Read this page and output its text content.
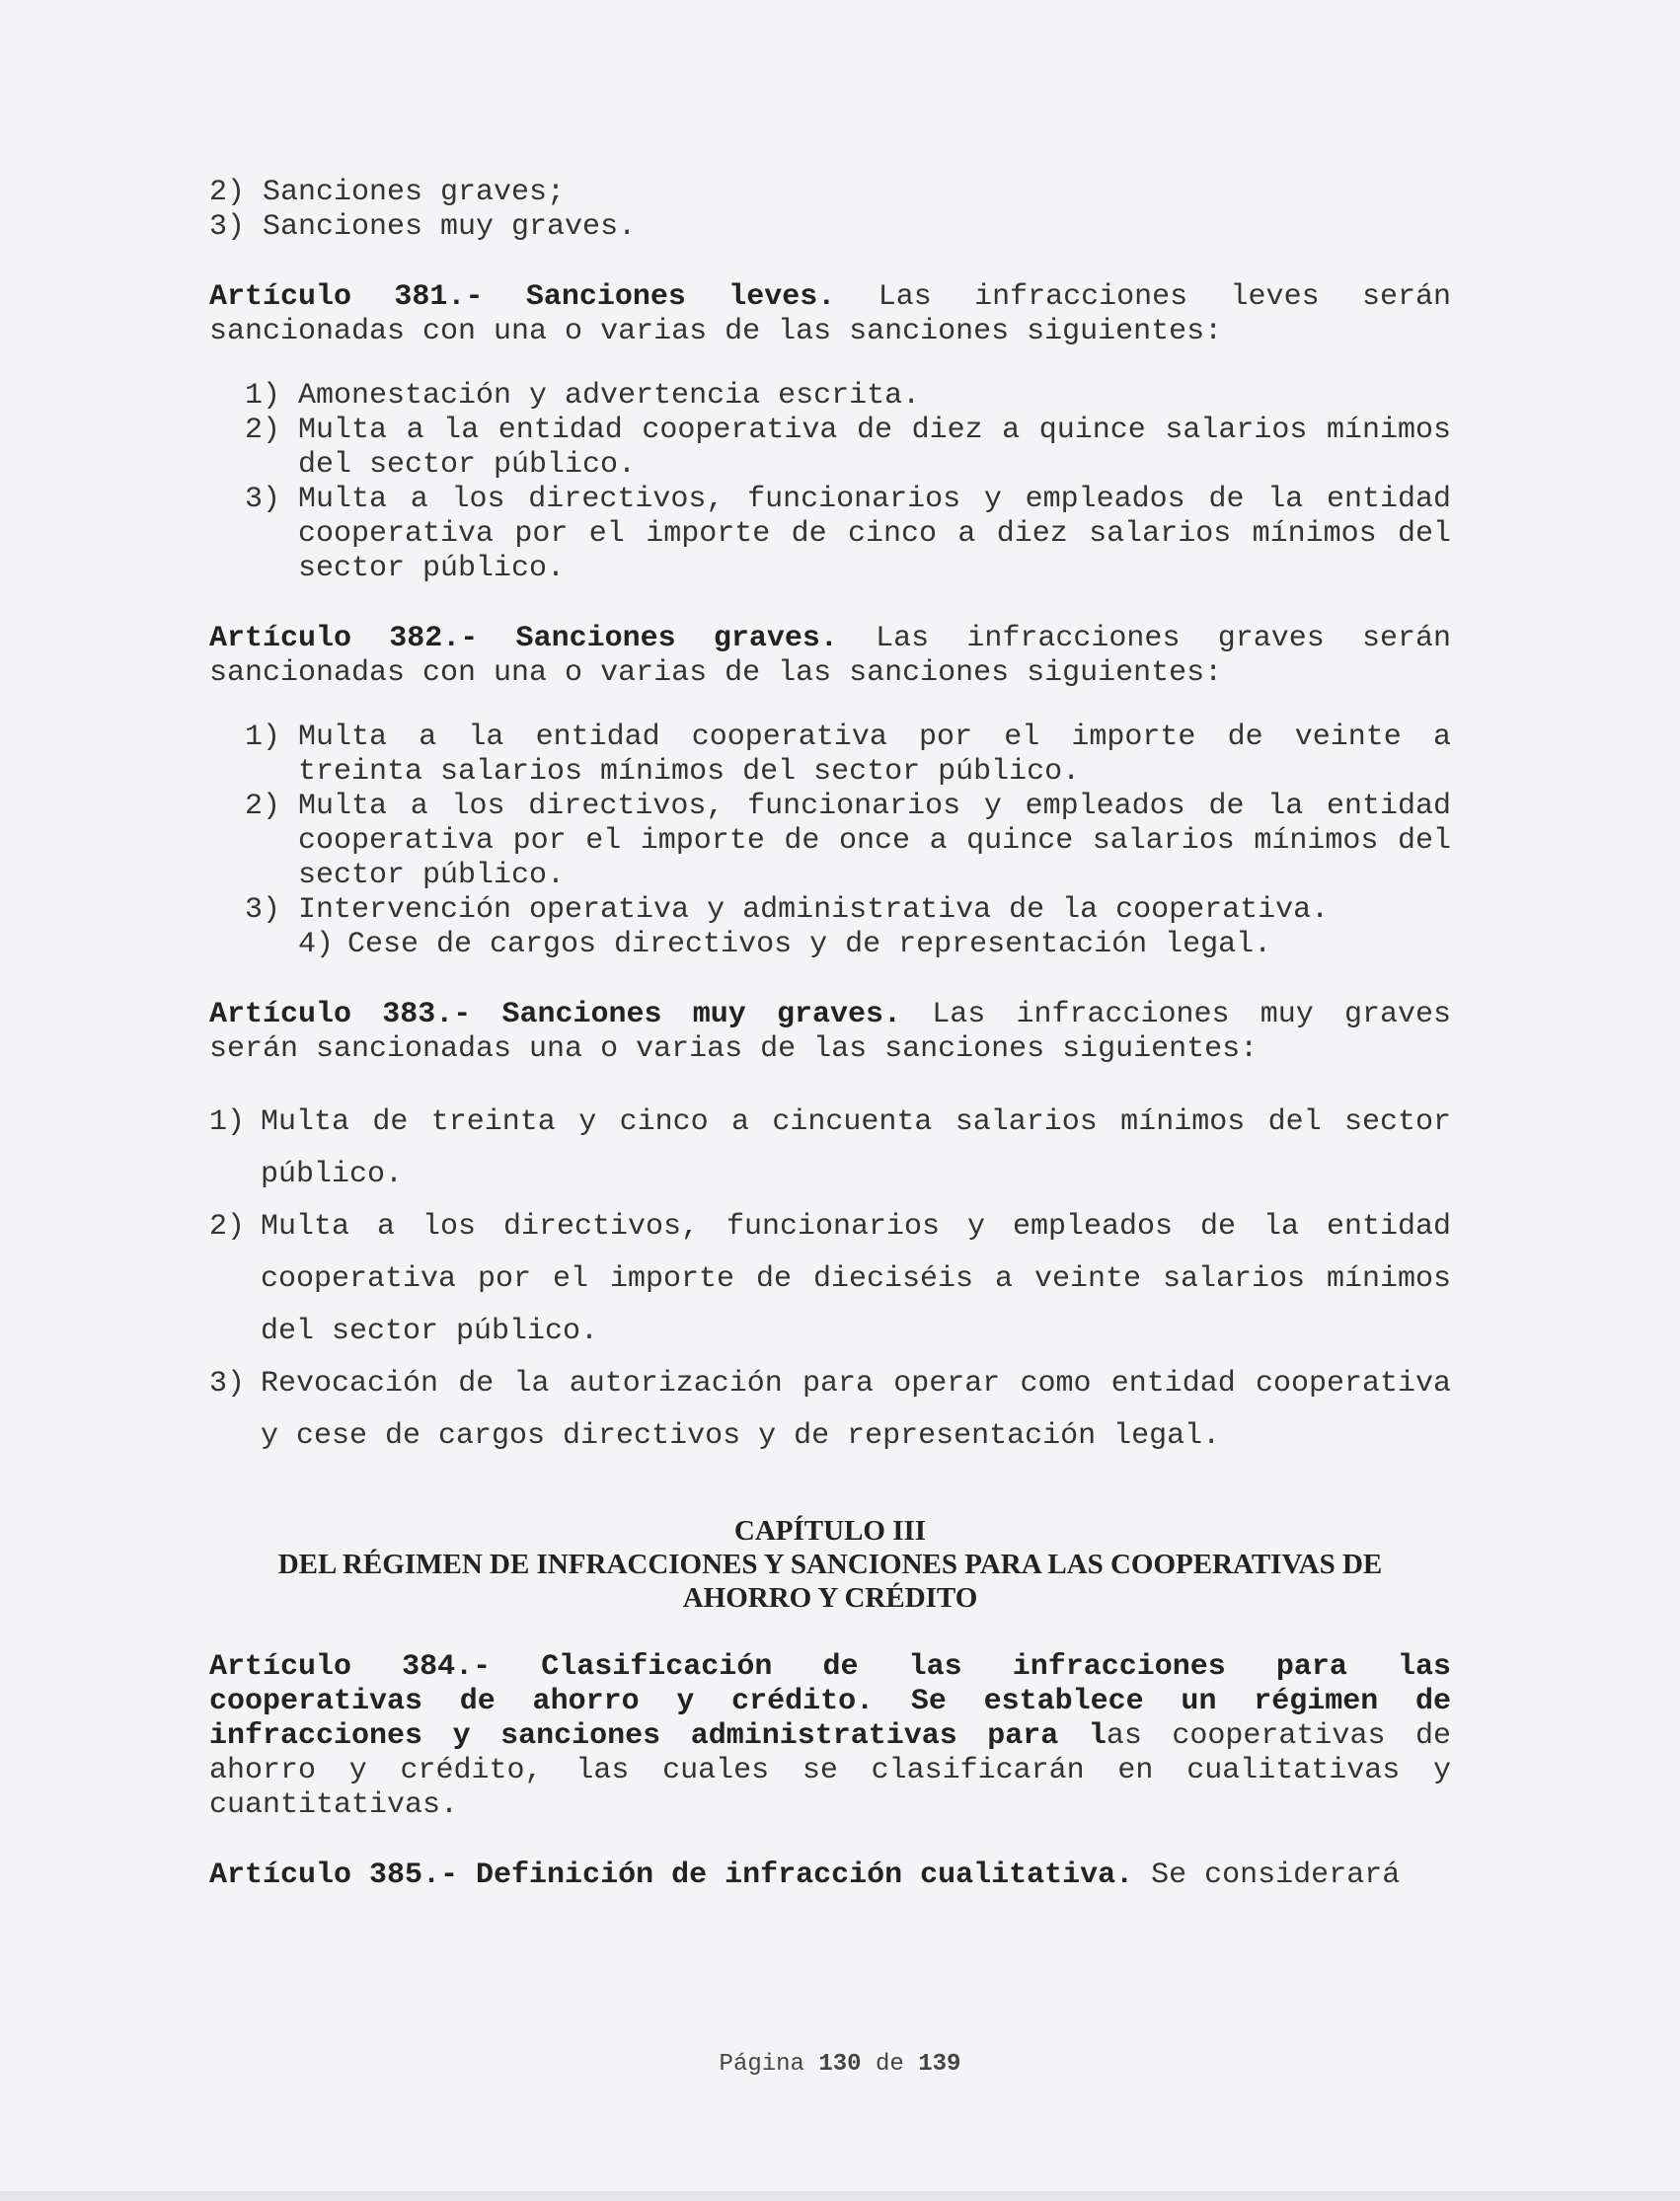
2) Sanciones graves;

3) Sanciones muy graves.

Artículo 381.- Sanciones leves. Las infracciones leves serán sancionadas con una o varias de las sanciones siguientes:

1) Amonestación y advertencia escrita.
2) Multa a la entidad cooperativa de diez a quince salarios mínimos del sector público.
3) Multa a los directivos, funcionarios y empleados de la entidad cooperativa por el importe de cinco a diez salarios mínimos del sector público.

Artículo 382.- Sanciones graves. Las infracciones graves serán sancionadas con una o varias de las sanciones siguientes:

1) Multa a la entidad cooperativa por el importe de veinte a treinta salarios mínimos del sector público.
2) Multa a los directivos, funcionarios y empleados de la entidad cooperativa por el importe de once a quince salarios mínimos del sector público.
3) Intervención operativa y administrativa de la cooperativa.
4) Cese de cargos directivos y de representación legal.

Artículo 383.- Sanciones muy graves. Las infracciones muy graves serán sancionadas una o varias de las sanciones siguientes:

1) Multa de treinta y cinco a cincuenta salarios mínimos del sector público.
2) Multa a los directivos, funcionarios y empleados de la entidad cooperativa por el importe de dieciséis a veinte salarios mínimos del sector público.
3) Revocación de la autorización para operar como entidad cooperativa y cese de cargos directivos y de representación legal.
CAPÍTULO III
DEL RÉGIMEN DE INFRACCIONES Y SANCIONES PARA LAS COOPERATIVAS DE
AHORRO Y CRÉDITO

Artículo 384.- Clasificación de las infracciones para las cooperativas de ahorro y crédito. Se establece un régimen de infracciones y sanciones administrativas para las cooperativas de ahorro y crédito, las cuales se clasificarán en cualitativas y cuantitativas.

Artículo 385.- Definición de infracción cualitativa. Se considerará

Página 130 de 139
